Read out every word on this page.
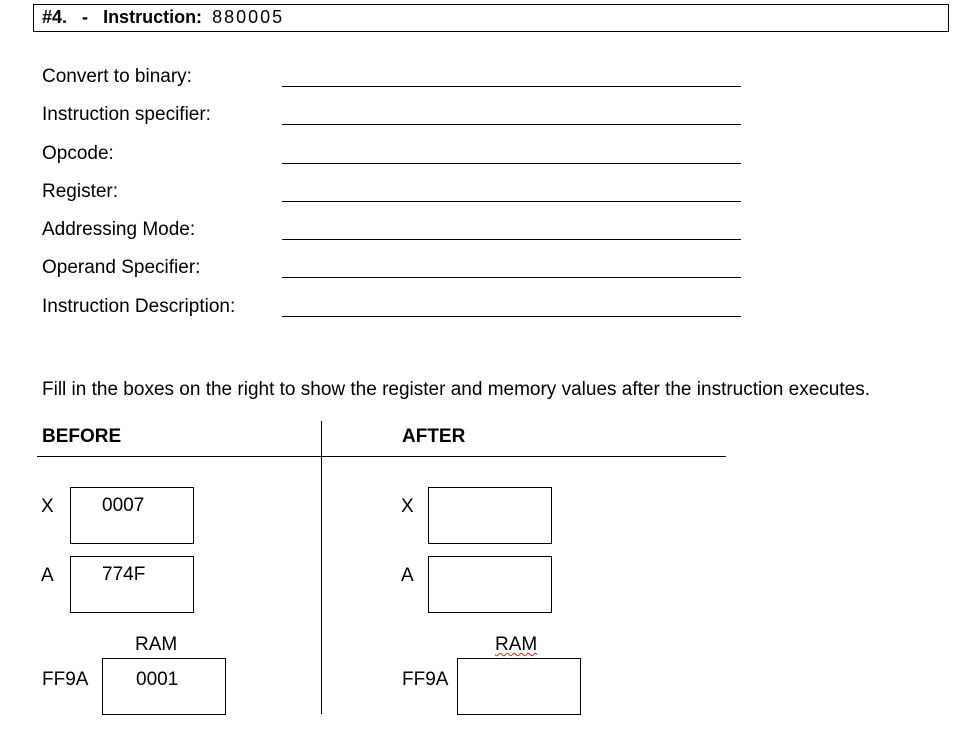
#4. - Instruction: 880005
Convert to binary:
Instruction specifier:
Opcode:
Register:
Addressing Mode:
Operand Specifier:
Instruction Description:
Fill in the boxes on the right to show the register and memory values after the instruction executes.
BEFORE	AFTER
X	0007
A	774F
RAM
FF9A	0001
X
A
RAM
FF9A
